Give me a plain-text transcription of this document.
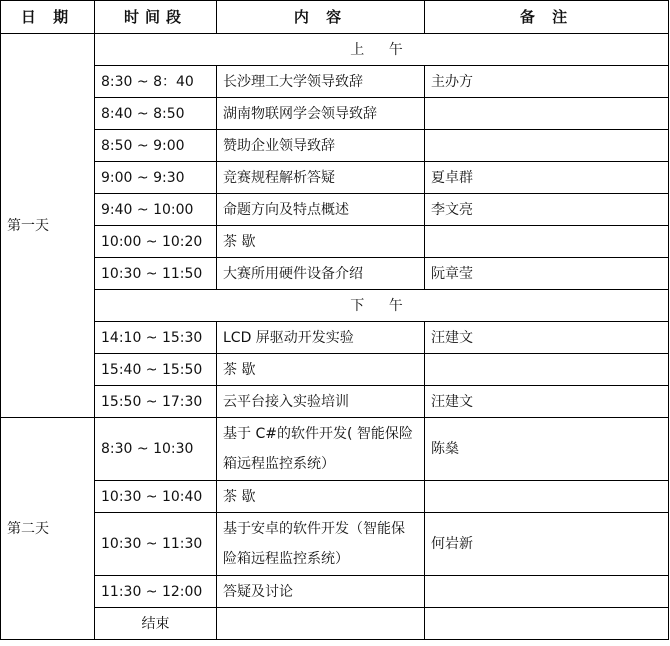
日 期	时间段	内 容	备 注
第一天	上 午		
	8:30 ~ 8：40	长沙理工大学领导致辞	主办方
	8:40 ~ 8:50	湖南物联网学会领导致辞	
	8:50 ~ 9:00	赞助企业领导致辞	
	9:00 ~ 9:30	竞赛规程解析答疑	夏卓群
	9:40 ~ 10:00	命题方向及特点概述	李文亮
	10:00 ~ 10:20	茶 歇	
	10:30 ~ 11:50	大赛所用硬件设备介绍	阮章莹
	下 午		
	14:10 ~ 15:30	LCD 屏驱动开发实验	汪建文
	15:40 ~ 15:50	茶 歇	
	15:50 ~ 17:30	云平台接入实验培训	汪建文
第二天	8:30 ~ 10:30	基于 C#的软件开发( 智能保险箱远程监控系统）	陈燊
	10:30 ~ 10:40	茶 歇	
	10:30 ~ 11:30	基于安卓的软件开发（智能保险箱远程监控系统）	何岩新
	11:30 ~ 12:00	答疑及讨论	
	结束		
